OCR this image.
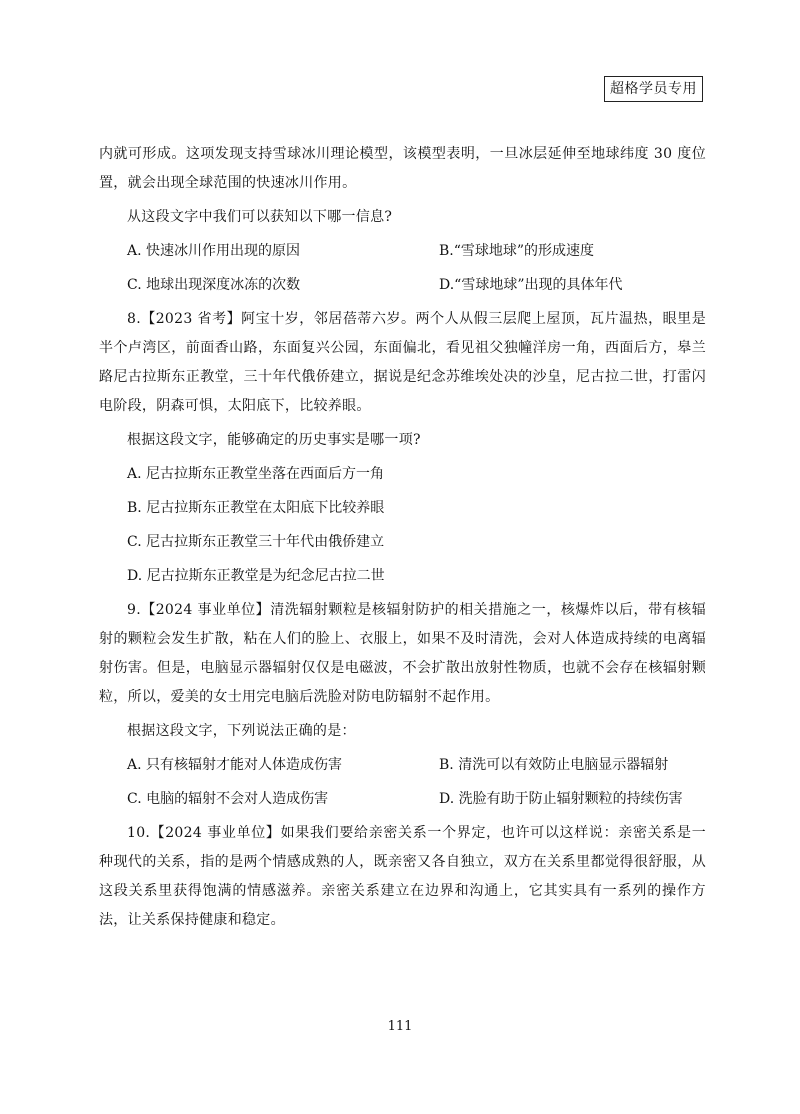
超格学员专用

内就可形成。这项发现支持雪球冰川理论模型，该模型表明，一旦冰层延伸至地球纬度 30 度位置，就会出现全球范围的快速冰川作用。

从这段文字中我们可以获知以下哪一信息?

A. 快速冰川作用出现的原因	B.“雪球地球”的形成速度
C. 地球出现深度冰冻的次数	D.“雪球地球”出现的具体年代

8.【2023 省考】阿宝十岁，邻居蓓蒂六岁。两个人从假三层爬上屋顶，瓦片温热，眼里是半个卢湾区，前面香山路，东面复兴公园，东面偏北，看见祖父独幢洋房一角，西面后方，皋兰路尼古拉斯东正教堂，三十年代俄侨建立，据说是纪念苏维埃处决的沙皇，尼古拉二世，打雷闪电阶段，阴森可惧，太阳底下，比较养眼。

根据这段文字，能够确定的历史事实是哪一项?

A. 尼古拉斯东正教堂坐落在西面后方一角
B. 尼古拉斯东正教堂在太阳底下比较养眼
C. 尼古拉斯东正教堂三十年代由俄侨建立
D. 尼古拉斯东正教堂是为纪念尼古拉二世

9.【2024 事业单位】清洗辐射颗粒是核辐射防护的相关措施之一，核爆炸以后，带有核辐射的颗粒会发生扩散，粘在人们的脸上、衣服上，如果不及时清洗，会对人体造成持续的电离辐射伤害。但是，电脑显示器辐射仅仅是电磁波，不会扩散出放射性物质，也就不会存在核辐射颗粒，所以，爱美的女士用完电脑后洗脸对防电防辐射不起作用。

根据这段文字，下列说法正确的是：

A. 只有核辐射才能对人体造成伤害	B. 清洗可以有效防止电脑显示器辐射
C. 电脑的辐射不会对人造成伤害	D. 洗脸有助于防止辐射颗粒的持续伤害

10.【2024 事业单位】如果我们要给亲密关系一个界定，也许可以这样说：亲密关系是一种现代的关系，指的是两个情感成熟的人，既亲密又各自独立，双方在关系里都觉得很舒服，从这段关系里获得饱满的情感滋养。亲密关系建立在边界和沟通上，它其实具有一系列的操作方法，让关系保持健康和稳定。

111
